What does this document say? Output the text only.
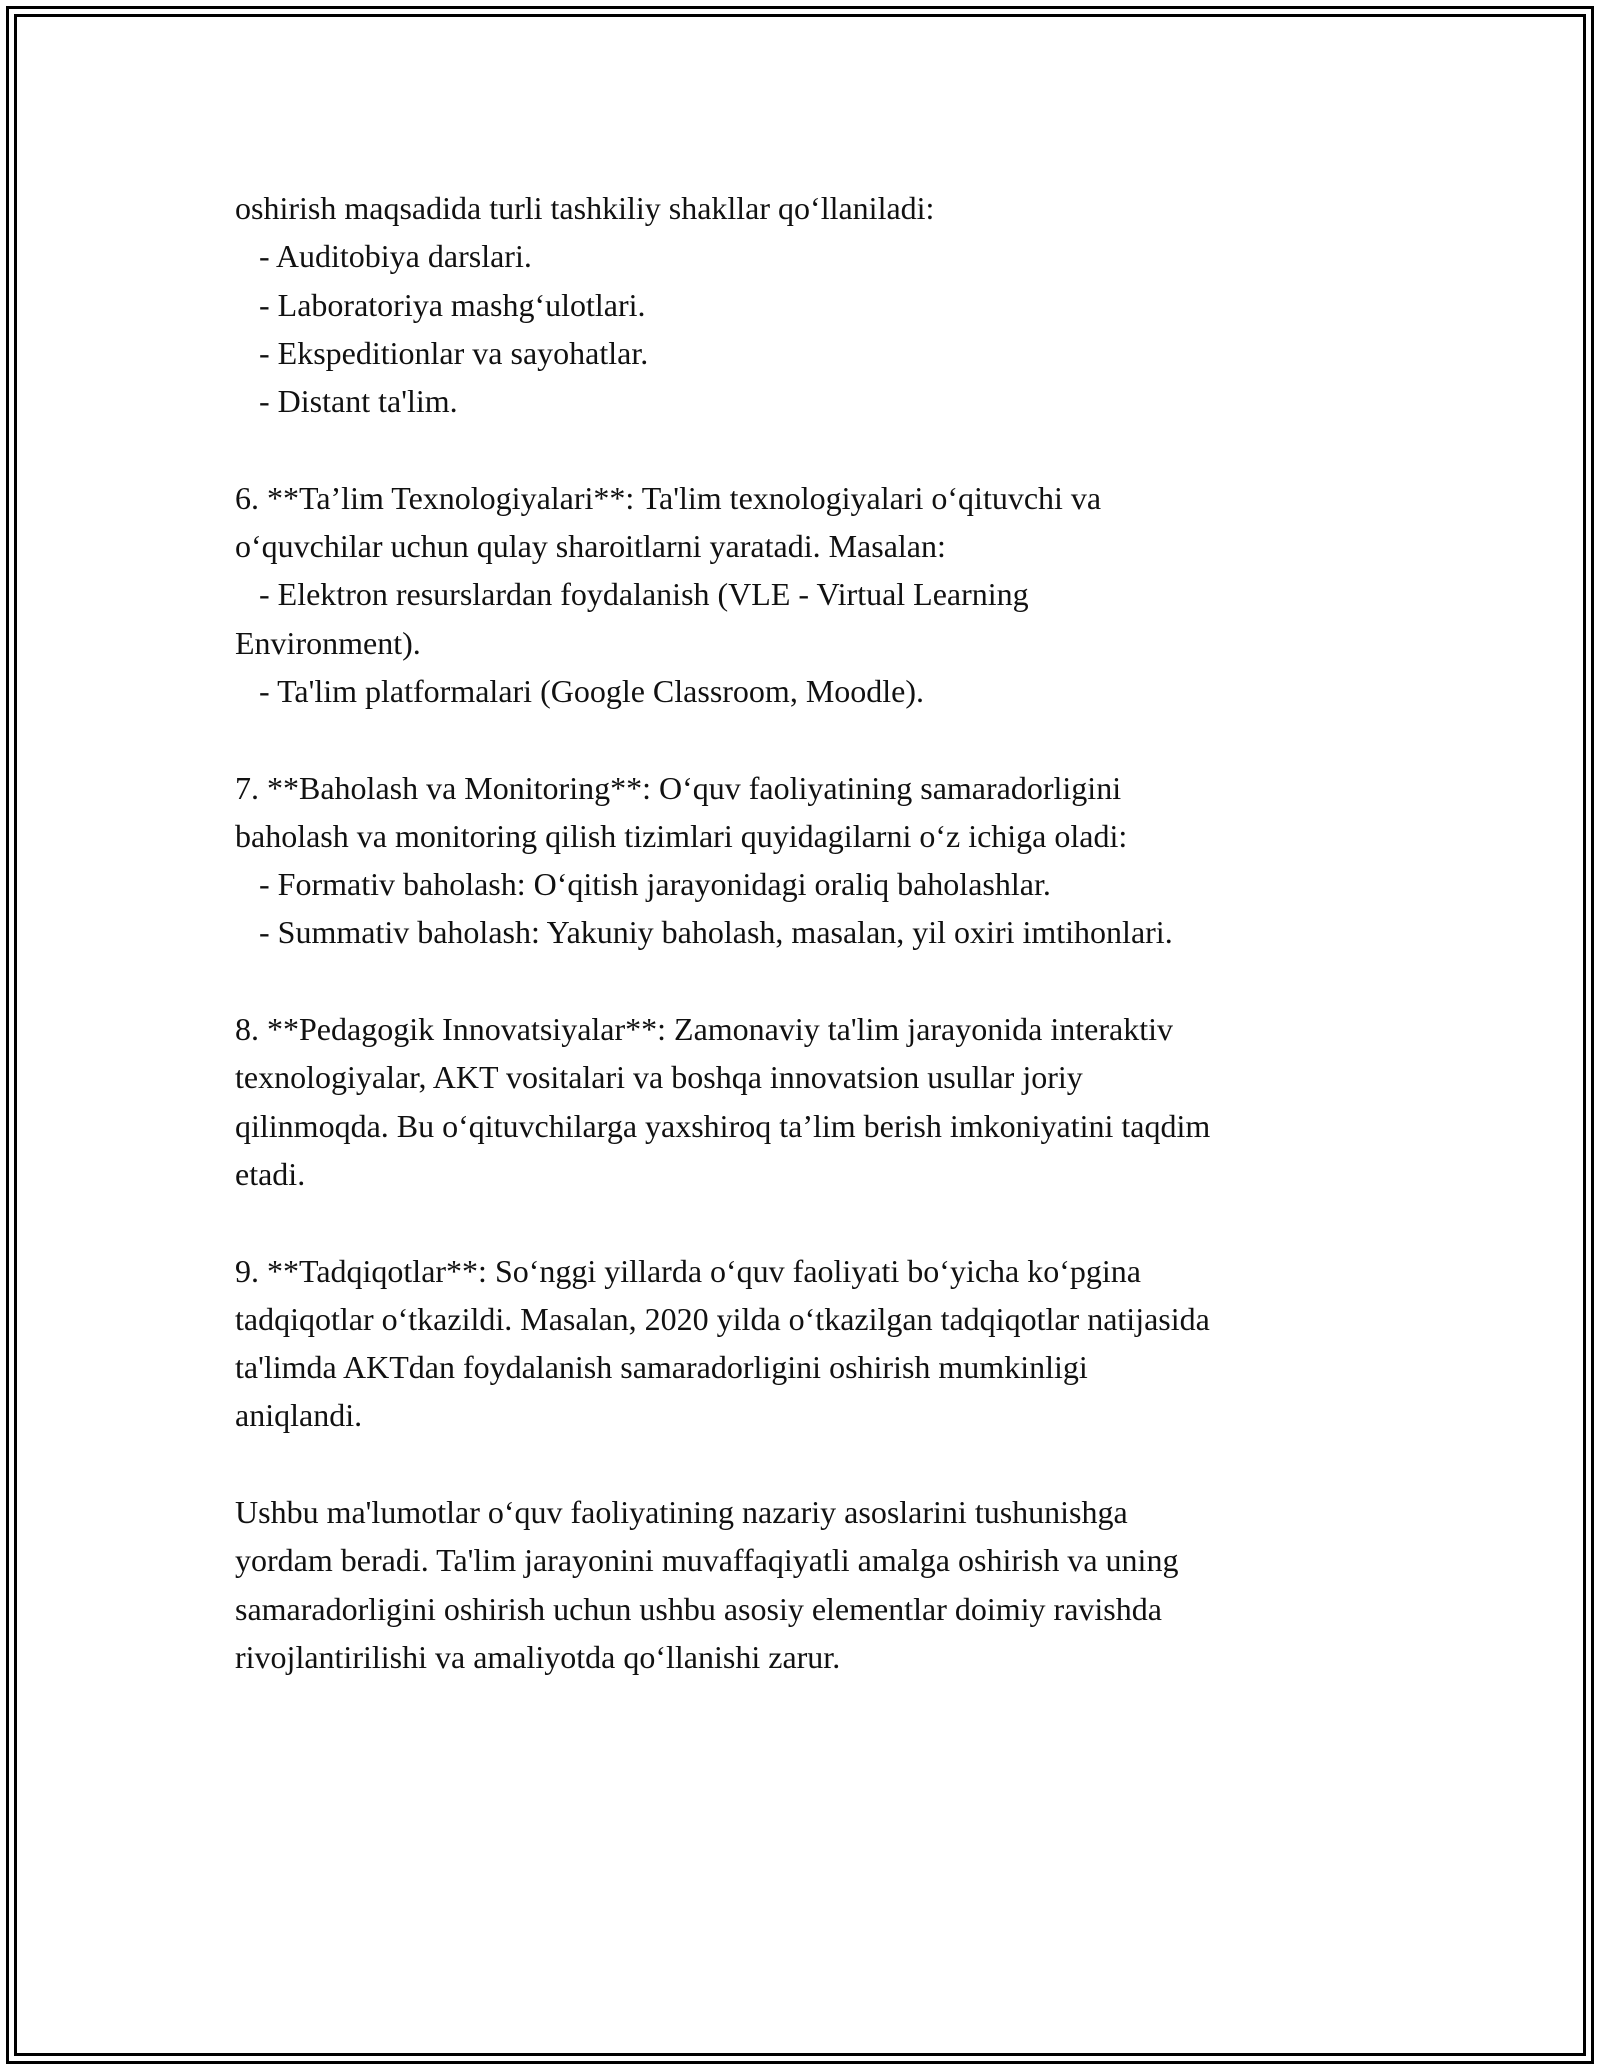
oshirish maqsadida turli tashkiliy shakllar qo‘llaniladi:
- Auditobiya darslari.
- Laboratoriya mashg‘ulotlari.
- Ekspeditionlar va sayohatlar.
- Distant ta'lim.
6. **Ta’lim Texnologiyalari**: Ta'lim texnologiyalari o‘qituvchi va
o‘quvchilar uchun qulay sharoitlarni yaratadi. Masalan:
- Elektron resurslardan foydalanish (VLE - Virtual Learning
Environment).
- Ta'lim platformalari (Google Classroom, Moodle).
7. **Baholash va Monitoring**: O‘quv faoliyatining samaradorligini
baholash va monitoring qilish tizimlari quyidagilarni o‘z ichiga oladi:
- Formativ baholash: O‘qitish jarayonidagi oraliq baholashlar.
- Summativ baholash: Yakuniy baholash, masalan, yil oxiri imtihonlari.
8. **Pedagogik Innovatsiyalar**: Zamonaviy ta'lim jarayonida interaktiv
texnologiyalar, AKT vositalari va boshqa innovatsion usullar joriy
qilinmoqda. Bu o‘qituvchilarga yaxshiroq ta’lim berish imkoniyatini taqdim
etadi.
9. **Tadqiqotlar**: So‘nggi yillarda o‘quv faoliyati bo‘yicha ko‘pgina
tadqiqotlar o‘tkazildi. Masalan, 2020 yilda o‘tkazilgan tadqiqotlar natijasida
ta'limda AKTdan foydalanish samaradorligini oshirish mumkinligi
aniqlandi.
Ushbu ma'lumotlar o‘quv faoliyatining nazariy asoslarini tushunishga
yordam beradi. Ta'lim jarayonini muvaffaqiyatli amalga oshirish va uning
samaradorligini oshirish uchun ushbu asosiy elementlar doimiy ravishda
rivojlantirilishi va amaliyotda qo‘llanishi zarur.
